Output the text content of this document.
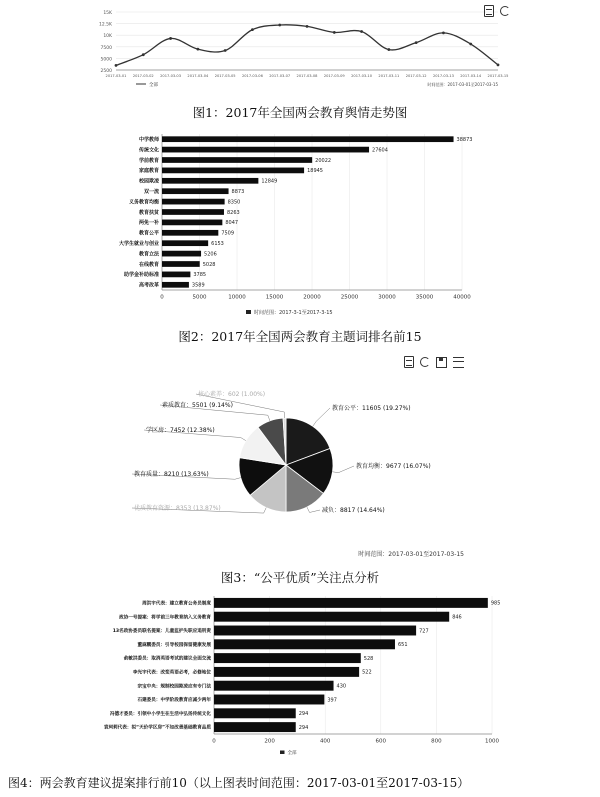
2500
5000
7500
10K
12.5K
15K
2017-03-01 2017-03-02 2017-03-03 2017-03-04 2017-03-05 2017-03-06 2017-03-07 2017-03-08 2017-03-09 2017-03-10 2017-03-11 2017-03-12 2017-03-13 2017-03-14 2017-03-15
全部	时间范围：2017-03-01至2017-03-15
图1：2017年全国两会教育舆情走势图
0	5000	10000	15000	20000	25000	30000	35000	40000
中学教师	38873
传统文化	27604
学前教育	20022
家庭教育	18945
校园欺凌	12849
双一流	8873
义务教育均衡	8350
教育扶贫	8263
两免一补	8047
教育公平	7509
大学生就业与创业	6153
教育立法	5206
在线教育	5028
助学金补助标准	3785
高考改革	3589
时间范围：2017-3-1至2017-3-15
图2：2017年全国两会教育主题词排名前15
教育公平：11605 (19.27%)
教育均衡：9677 (16.07%)
减负：8817 (14.64%)
优质教育资源：8353 (13.87%)
教育质量：8210 (13.63%)
学区房：7452 (12.38%)
素质教育：5501 (9.14%)
核心素养：602 (1.00%)
时间范围：2017-03-01至2017-03-15
图3：“公平优质”关注点分析
0	200	400	600	800	1000
周洪宇代表：建立教育公务员制度	985
政协一号提案：将学前三年教育纳入义务教育	846
13名政协委员联名提案：儿童监护失职应追刑责	727
董麻鹏委员：引导校园保留健康发展	651
俞敏洪委员：取消英语考试的建议全面交流	528
李光宇代表：改变英语必考，必修地位	522
宗宝中央：规制校园欺凌应有专门法	430
石建委员：中学阶段教育应减少两年	397
冯德才委员：引领中小学生在生活中弘扬传统文化	294
袁珂莉代表：拟“天价学区房”不如改善基础教育品质	294
全部
图4：两会教育建议提案排行前10（以上图表时间范围：2017-03-01至2017-03-15）
